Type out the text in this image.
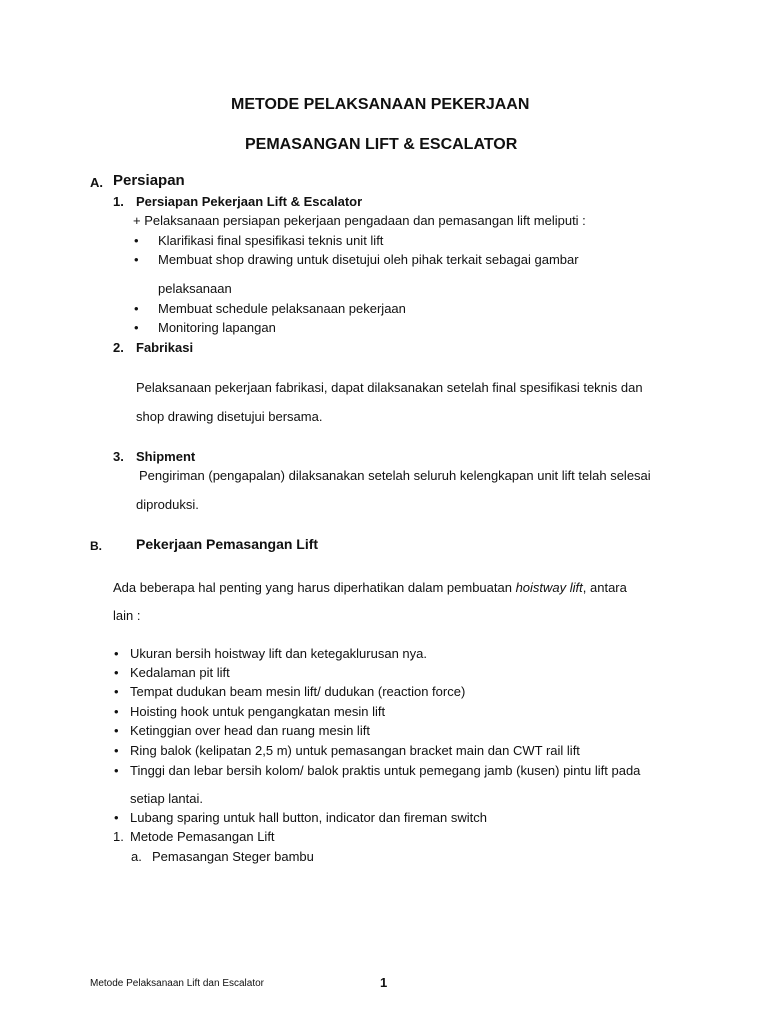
METODE PELAKSANAAN PEKERJAAN
PEMASANGAN LIFT & ESCALATOR
A. Persiapan
1. Persiapan Pekerjaan Lift & Escalator
+ Pelaksanaan persiapan pekerjaan pengadaan dan pemasangan lift meliputi :
• Klarifikasi final spesifikasi teknis unit lift
• Membuat shop drawing untuk disetujui oleh pihak terkait sebagai gambar
pelaksanaan
• Membuat schedule pelaksanaan pekerjaan
• Monitoring lapangan
2. Fabrikasi
Pelaksanaan pekerjaan fabrikasi, dapat dilaksanakan setelah final spesifikasi teknis dan
shop drawing disetujui bersama.
3. Shipment
Pengiriman (pengapalan) dilaksanakan setelah seluruh kelengkapan unit lift telah selesai
diproduksi.
B. Pekerjaan Pemasangan Lift
Ada beberapa hal penting yang harus diperhatikan dalam pembuatan hoistway lift, antara
lain :
• Ukuran bersih hoistway lift dan ketegaklurusan nya.
• Kedalaman pit lift
• Tempat dudukan beam mesin lift/ dudukan (reaction force)
• Hoisting hook untuk pengangkatan mesin lift
• Ketinggian over head dan ruang mesin lift
• Ring balok (kelipatan 2,5 m) untuk pemasangan bracket main dan CWT rail lift
• Tinggi dan lebar bersih kolom/ balok praktis untuk pemegang jamb (kusen) pintu lift pada
setiap lantai.
• Lubang sparing untuk hall button, indicator dan fireman switch
1. Metode Pemasangan Lift
a. Pemasangan Steger bambu
Metode Pelaksanaan Lift dan Escalator	1
